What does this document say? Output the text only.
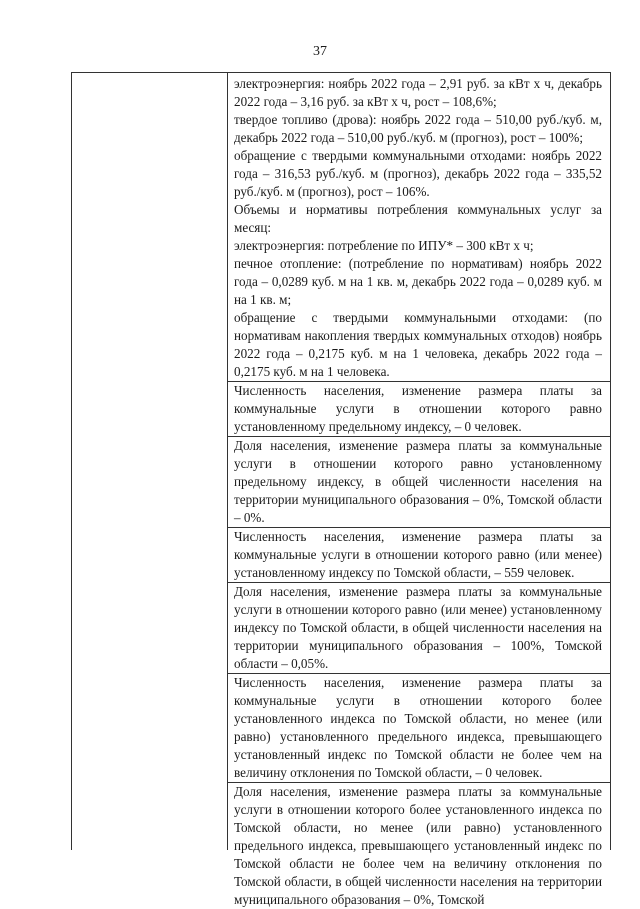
37

электроэнергия: ноябрь 2022 года – 2,91 руб. за кВт х ч, декабрь 2022 года – 3,16 руб. за кВт х ч, рост – 108,6%;

твердое топливо (дрова): ноябрь 2022 года – 510,00 руб./куб. м, декабрь 2022 года – 510,00 руб./куб. м (прогноз), рост – 100%;

обращение с твердыми коммунальными отходами: ноябрь 2022 года – 316,53 руб./куб. м (прогноз), декабрь 2022 года – 335,52 руб./куб. м (прогноз), рост – 106%.

Объемы и нормативы потребления коммунальных услуг за месяц:

электроэнергия: потребление по ИПУ* – 300 кВт х ч;

печное отопление: (потребление по нормативам) ноябрь 2022 года – 0,0289 куб. м на 1 кв. м, декабрь 2022 года – 0,0289 куб. м на 1 кв. м;

обращение с твердыми коммунальными отходами: (по нормативам накопления твердых коммунальных отходов) ноябрь 2022 года – 0,2175 куб. м на 1 человека, декабрь 2022 года – 0,2175 куб. м на 1 человека.

Численность населения, изменение размера платы за коммунальные услуги в отношении которого равно установленному предельному индексу, – 0 человек.

Доля населения, изменение размера платы за коммунальные услуги в отношении которого равно установленному предельному индексу, в общей численности населения на территории муниципального образования – 0%, Томской области – 0%.

Численность населения, изменение размера платы за коммунальные услуги в отношении которого равно (или менее) установленному индексу по Томской области, – 559 человек.

Доля населения, изменение размера платы за коммунальные услуги в отношении которого равно (или менее) установленному индексу по Томской области, в общей численности населения на территории муниципального образования – 100%, Томской области – 0,05%.

Численность населения, изменение размера платы за коммунальные услуги в отношении которого более установленного индекса по Томской области, но менее (или равно) установленного предельного индекса, превышающего установленный индекс по Томской области не более чем на величину отклонения по Томской области, – 0 человек.

Доля населения, изменение размера платы за коммунальные услуги в отношении которого более установленного индекса по Томской области, но менее (или равно) установленного предельного индекса, превышающего установленный индекс по Томской области не более чем на величину отклонения по Томской области, в общей численности населения на территории муниципального образования – 0%, Томской
